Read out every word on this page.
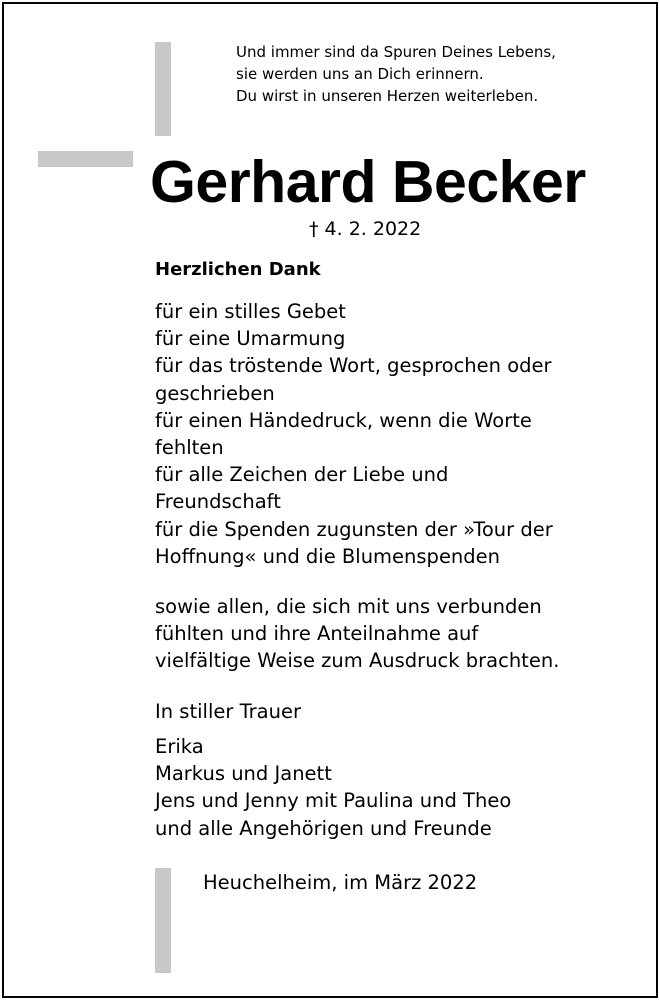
Und immer sind da Spuren Deines Lebens,
sie werden uns an Dich erinnern.
Du wirst in unseren Herzen weiterleben.
Gerhard Becker
† 4. 2. 2022
Herzlichen Dank
für ein stilles Gebet
für eine Umarmung
für das tröstende Wort, gesprochen oder
geschrieben
für einen Händedruck, wenn die Worte
fehlten
für alle Zeichen der Liebe und
Freundschaft
für die Spenden zugunsten der »Tour der
Hoffnung« und die Blumenspenden
sowie allen, die sich mit uns verbunden
fühlten und ihre Anteilnahme auf
vielfältige Weise zum Ausdruck brachten.
In stiller Trauer
Erika
Markus und Janett
Jens und Jenny mit Paulina und Theo
und alle Angehörigen und Freunde
Heuchelheim, im März 2022
